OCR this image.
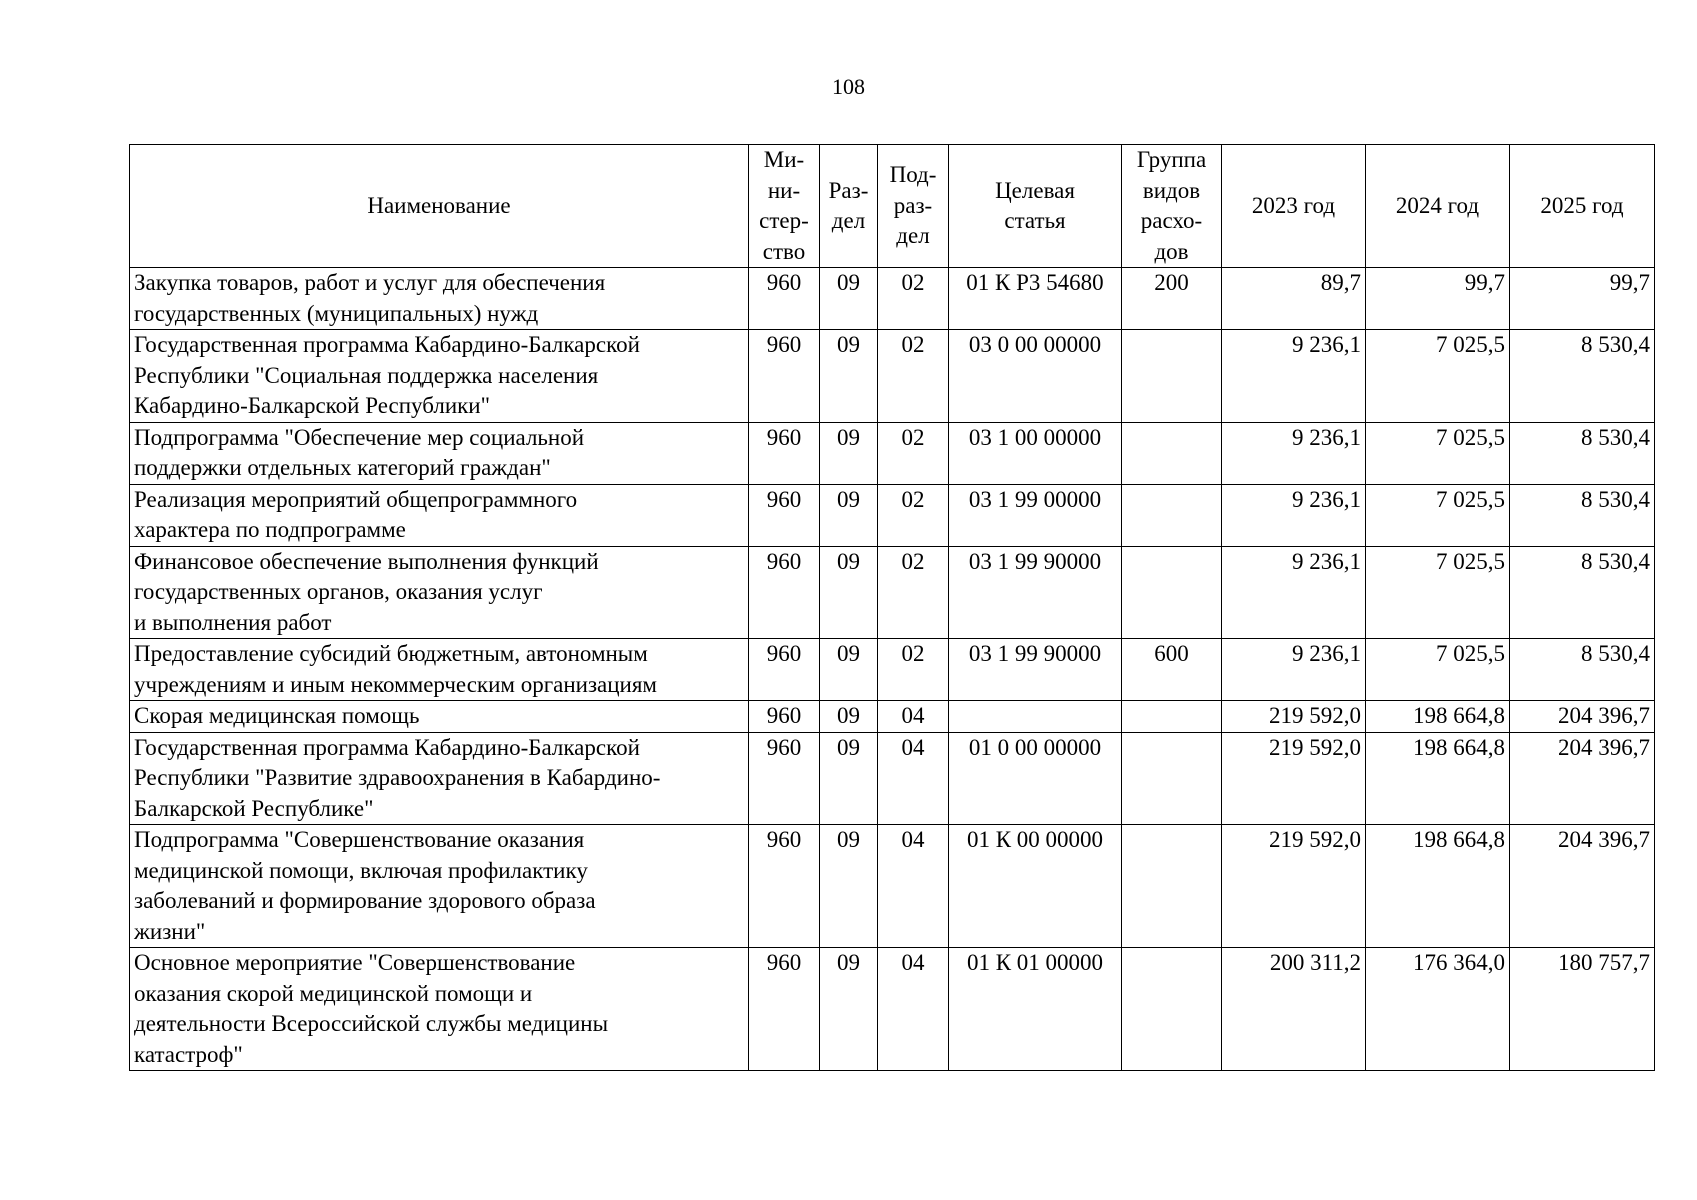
108
Наименование	Ми-
ни-
стер-
ство	Раз-
дел	Под-
раз-
дел	Целевая
статья	Группа
видов
расхо-
дов	2023 год	2024 год	2025 год

Закупка товаров, работ и услуг для обеспечения
государственных (муниципальных) нужд	960	09	02	01 К Р3 54680	200	89,7	99,7	99,7

Государственная программа Кабардино-Балкарской
Республики "Социальная поддержка населения
Кабардино-Балкарской Республики"	960	09	02	03 0 00 00000		9 236,1	7 025,5	8 530,4

Подпрограмма "Обеспечение мер социальной
поддержки отдельных категорий граждан"	960	09	02	03 1 00 00000		9 236,1	7 025,5	8 530,4

Реализация мероприятий общепрограммного
характера по подпрограмме	960	09	02	03 1 99 00000		9 236,1	7 025,5	8 530,4

Финансовое обеспечение выполнения функций
государственных органов, оказания услуг
и выполнения работ	960	09	02	03 1 99 90000		9 236,1	7 025,5	8 530,4

Предоставление субсидий бюджетным, автономным
учреждениям и иным некоммерческим организациям	960	09	02	03 1 99 90000	600	9 236,1	7 025,5	8 530,4

Скорая медицинская помощь	960	09	04			219 592,0	198 664,8	204 396,7

Государственная программа Кабардино-Балкарской
Республики "Развитие здравоохранения в Кабардино-
Балкарской Республике"	960	09	04	01 0 00 00000		219 592,0	198 664,8	204 396,7

Подпрограмма "Совершенствование оказания
медицинской помощи, включая профилактику
заболеваний и формирование здорового образа
жизни"	960	09	04	01 К 00 00000		219 592,0	198 664,8	204 396,7

Основное мероприятие "Совершенствование
оказания скорой медицинской помощи и
деятельности Всероссийской службы медицины
катастроф"	960	09	04	01 К 01 00000		200 311,2	176 364,0	180 757,7
